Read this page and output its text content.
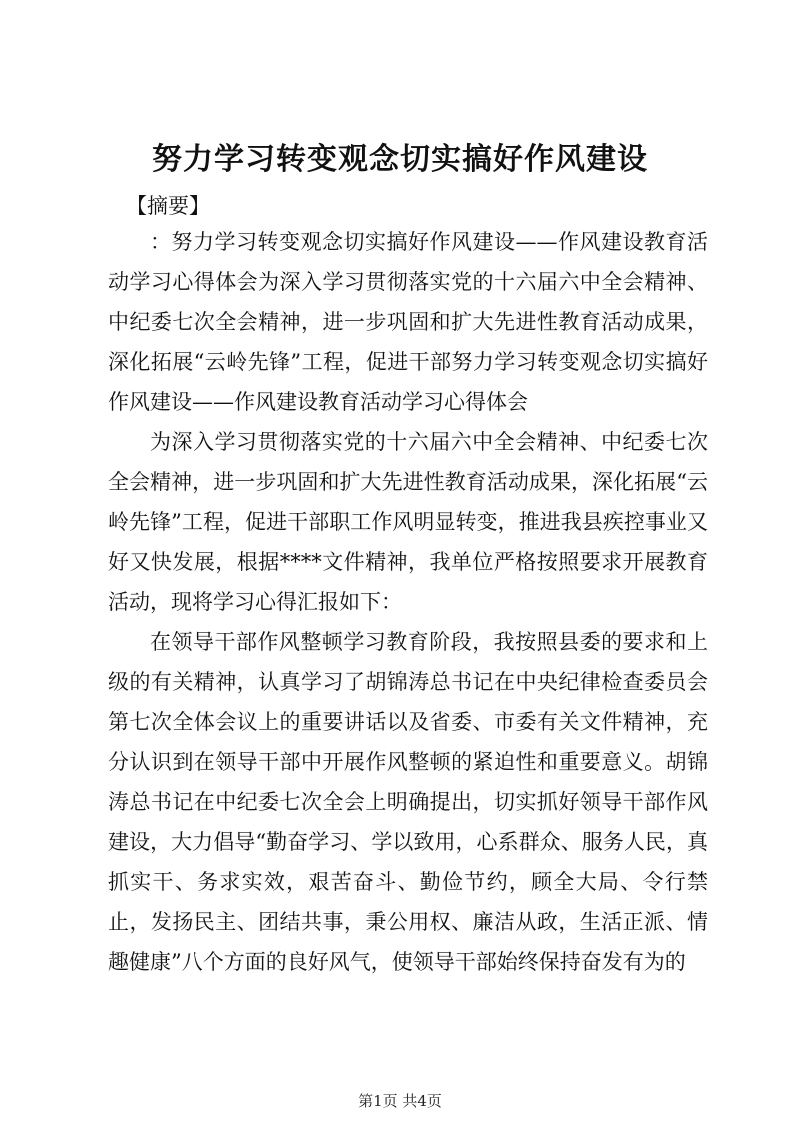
努力学习转变观念切实搞好作风建设
【摘要】

：努力学习转变观念切实搞好作风建设——作风建设教育活动学习心得体会为深入学习贯彻落实党的十六届六中全会精神、中纪委七次全会精神，进一步巩固和扩大先进性教育活动成果，深化拓展“云岭先锋”工程，促进干部努力学习转变观念切实搞好作风建设——作风建设教育活动学习心得体会

为深入学习贯彻落实党的十六届六中全会精神、中纪委七次全会精神，进一步巩固和扩大先进性教育活动成果，深化拓展“云岭先锋”工程，促进干部职工作风明显转变，推进我县疾控事业又好又快发展，根据****文件精神，我单位严格按照要求开展教育活动，现将学习心得汇报如下：

在领导干部作风整顿学习教育阶段，我按照县委的要求和上级的有关精神，认真学习了胡锦涛总书记在中央纪律检查委员会第七次全体会议上的重要讲话以及省委、市委有关文件精神，充分认识到在领导干部中开展作风整顿的紧迫性和重要意义。胡锦涛总书记在中纪委七次全会上明确提出，切实抓好领导干部作风建设，大力倡导“勤奋学习、学以致用，心系群众、服务人民，真抓实干、务求实效，艰苦奋斗、勤俭节约，顾全大局、令行禁止，发扬民主、团结共事，秉公用权、廉洁从政，生活正派、情趣健康”八个方面的良好风气，使领导干部始终保持奋发有为的

第1页 共4页
